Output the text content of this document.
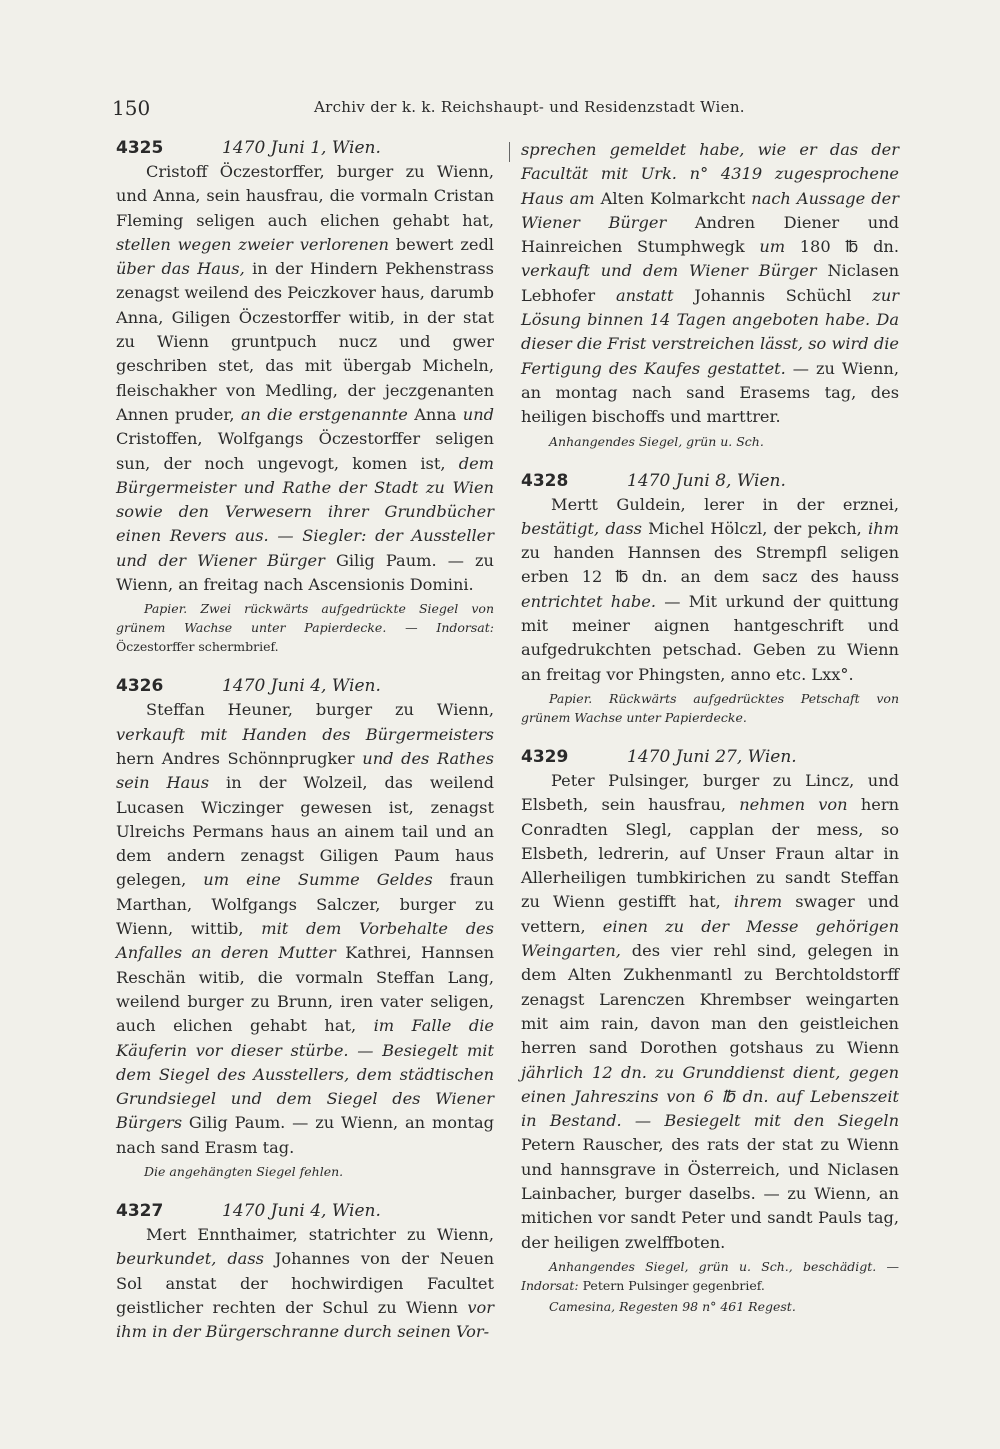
150	Archiv der k. k. Reichshaupt- und Residenzstadt Wien.
4325	1470 Juni 1, Wien.

Cristoff Öczestorffer, burger zu Wienn, und Anna, sein hausfrau, die vormaln Cristan Fleming seligen auch elichen gehabt hat, stellen wegen zweier verlorenen bewert zedl über das Haus, in der Hindern Pekhenstrass zenagst weilend des Peiczkover haus, darumb Anna, Giligen Öczestorffer witib, in der stat zu Wienn gruntpuch nucz und gwer geschriben stet, das mit übergab Micheln, fleischakher von Medling, der jeczgenanten Annen pruder, an die erstgenannte Anna und Cristoffen, Wolfgangs Öczestorffer seligen sun, der noch ungevogt, komen ist, dem Bürgermeister und Rathe der Stadt zu Wien sowie den Verwesern ihrer Grundbücher einen Revers aus. — Siegler: der Aussteller und der Wiener Bürger Gilig Paum. — zu Wienn, an freitag nach Ascensionis Domini.

Papier. Zwei rückwärts aufgedrückte Siegel von grünem Wachse unter Papierdecke. — Indorsat: Öczestorffer schermbrief.

4326	1470 Juni 4, Wien.

Steffan Heuner, burger zu Wienn, verkauft mit Handen des Bürgermeisters hern Andres Schönnprugker und des Rathes sein Haus in der Wolzeil, das weilend Lucasen Wiczinger gewesen ist, zenagst Ulreichs Permans haus an ainem tail und an dem andern zenagst Giligen Paum haus gelegen, um eine Summe Geldes fraun Marthan, Wolfgangs Salczer, burger zu Wienn, wittib, mit dem Vorbehalte des Anfalles an deren Mutter Kathrei, Hannsen Reschän witib, die vormaln Steffan Lang, weilend burger zu Brunn, iren vater seligen, auch elichen gehabt hat, im Falle die Käuferin vor dieser stürbe. — Besiegelt mit dem Siegel des Ausstellers, dem städtischen Grundsiegel und dem Siegel des Wiener Bürgers Gilig Paum. — zu Wienn, an montag nach sand Erasm tag.

Die angehängten Siegel fehlen.

4327	1470 Juni 4, Wien.

Mert Ennthaimer, statrichter zu Wienn, beurkundet, dass Johannes von der Neuen Sol anstat der hochwirdigen Facultet geistlicher rechten der Schul zu Wienn vor ihm in der Bürgerschranne durch seinen Vor-

sprechen gemeldet habe, wie er das der Facultät mit Urk. n° 4319 zugesprochene Haus am Alten Kolmarkcht nach Aussage der Wiener Bürger Andren Diener und Hainreichen Stumphwegk um 180 ℔ dn. verkauft und dem Wiener Bürger Niclasen Lebhofer anstatt Johannis Schüchl zur Lösung binnen 14 Tagen angeboten habe. Da dieser die Frist verstreichen lässt, so wird die Fertigung des Kaufes gestattet. — zu Wienn, an montag nach sand Erasems tag, des heiligen bischoffs und marttrer.

Anhangendes Siegel, grün u. Sch.

4328	1470 Juni 8, Wien.

Mertt Guldein, lerer in der erznei, bestätigt, dass Michel Hölczl, der pekch, ihm zu handen Hannsen des Strempfl seligen erben 12 ℔ dn. an dem sacz des hauss entrichtet habe. — Mit urkund der quittung mit meiner aignen hantgeschrift und aufgedrukchten petschad. Geben zu Wienn an freitag vor Phingsten, anno etc. Lxx°.

Papier. Rückwärts aufgedrücktes Petschaft von grünem Wachse unter Papierdecke.

4329	1470 Juni 27, Wien.

Peter Pulsinger, burger zu Lincz, und Elsbeth, sein hausfrau, nehmen von hern Conradten Slegl, capplan der mess, so Elsbeth, ledrerin, auf Unser Fraun altar in Allerheiligen tumbkirichen zu sandt Steffan zu Wienn gestifft hat, ihrem swager und vettern, einen zu der Messe gehörigen Weingarten, des vier rehl sind, gelegen in dem Alten Zukhenmantl zu Berchtoldstorff zenagst Larenczen Khrembser weingarten mit aim rain, davon man den geistleichen herren sand Dorothen gotshaus zu Wienn jährlich 12 dn. zu Grunddienst dient, gegen einen Jahreszins von 6 ℔ dn. auf Lebenszeit in Bestand. — Besiegelt mit den Siegeln Petern Rauscher, des rats der stat zu Wienn und hannsgrave in Österreich, und Niclasen Lainbacher, burger daselbs. — zu Wienn, an mitichen vor sandt Peter und sandt Pauls tag, der heiligen zwelffboten.

Anhangendes Siegel, grün u. Sch., beschädigt. — Indorsat: Petern Pulsinger gegenbrief.

Camesina, Regesten 98 n° 461 Regest.
